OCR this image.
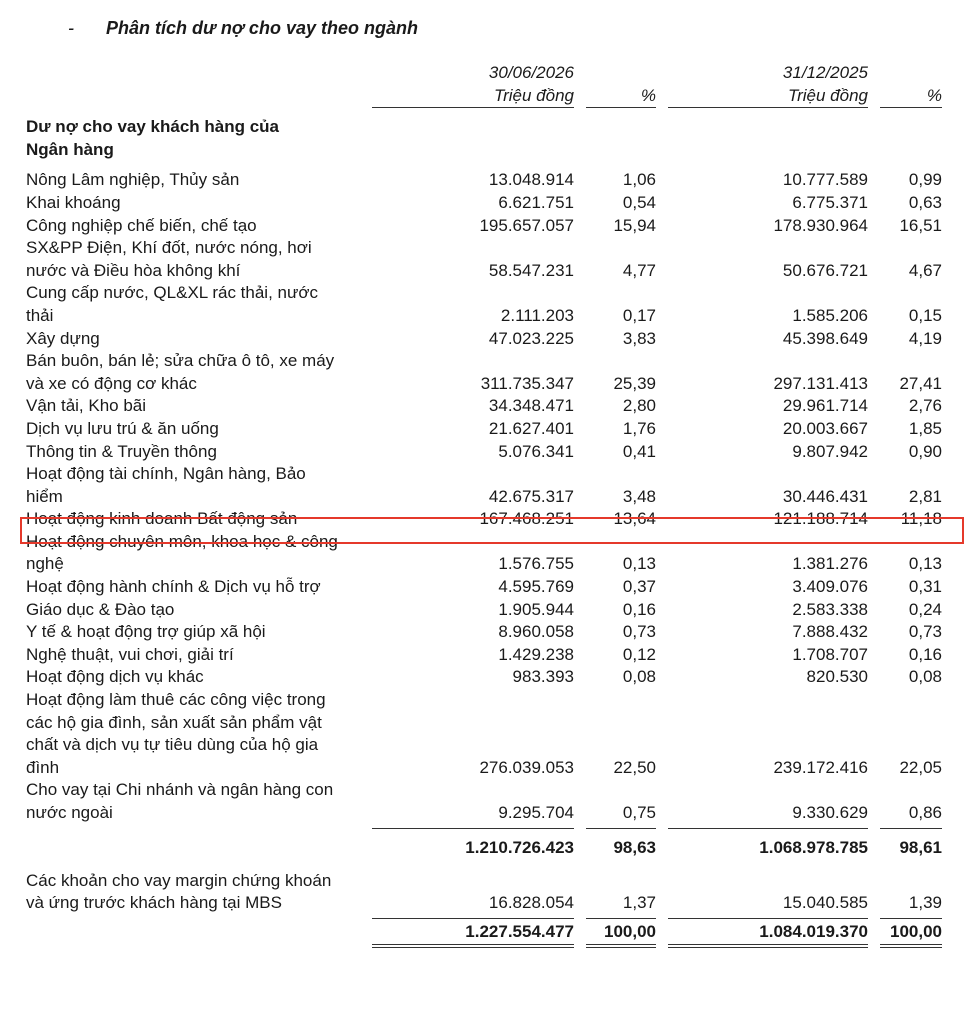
- Phân tích dư nợ cho vay theo ngành
		30/06/2026				31/12/2025		
		Triệu đồng		%		Triệu đồng		%

Dư nợ cho vay khách hàng của								
Ngân hàng								

Nông Lâm nghiệp, Thủy sản		13.048.914		1,06		10.777.589		0,99
Khai khoáng		6.621.751		0,54		6.775.371		0,63
Công nghiệp chế biến, chế tạo		195.657.057		15,94		178.930.964		16,51
SX&PP Điện, Khí đốt, nước nóng, hơi nước và Điều hòa không khí		58.547.231		4,77		50.676.721		4,67
Cung cấp nước, QL&XL rác thải, nước thải		2.111.203		0,17		1.585.206		0,15
Xây dựng		47.023.225		3,83		45.398.649		4,19
Bán buôn, bán lẻ; sửa chữa ô tô, xe máy và xe có động cơ khác		311.735.347		25,39		297.131.413		27,41
Vận tải, Kho bãi		34.348.471		2,80		29.961.714		2,76
Dịch vụ lưu trú & ăn uống		21.627.401		1,76		20.003.667		1,85
Thông tin & Truyền thông		5.076.341		0,41		9.807.942		0,90
Hoạt động tài chính, Ngân hàng, Bảo hiểm		42.675.317		3,48		30.446.431		2,81
Hoạt động kinh doanh Bất động sản		167.468.251		13,64		121.188.714		11,18
Hoạt động chuyên môn, khoa học & công nghệ		1.576.755		0,13		1.381.276		0,13
Hoạt động hành chính & Dịch vụ hỗ trợ		4.595.769		0,37		3.409.076		0,31
Giáo dục & Đào tạo		1.905.944		0,16		2.583.338		0,24
Y tế & hoạt động trợ giúp xã hội		8.960.058		0,73		7.888.432		0,73
Nghệ thuật, vui chơi, giải trí		1.429.238		0,12		1.708.707		0,16
Hoạt động dịch vụ khác		983.393		0,08		820.530		0,08
Hoạt động làm thuê các công việc trong các hộ gia đình, sản xuất sản phẩm vật chất và dịch vụ tự tiêu dùng của hộ gia đình		276.039.053		22,50		239.172.416		22,05
Cho vay tại Chi nhánh và ngân hàng con nước ngoài		9.295.704		0,75		9.330.629		0,86

		1.210.726.423		98,63		1.068.978.785		98,61

Các khoản cho vay margin chứng khoán và ứng trước khách hàng tại MBS		16.828.054		1,37		15.040.585		1,39

		1.227.554.477		100,00		1.084.019.370		100,00
